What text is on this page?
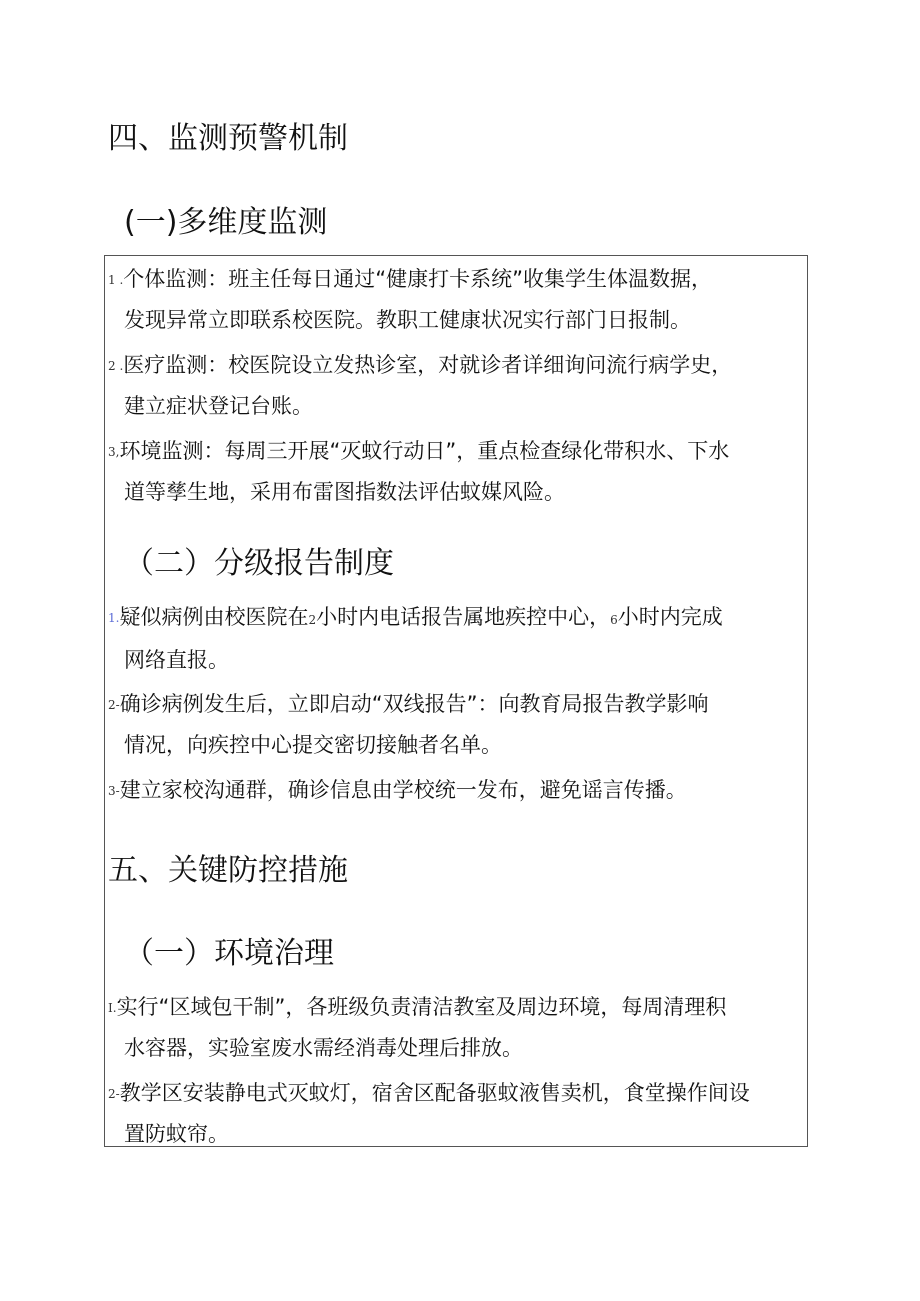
四、监测预警机制
(一)多维度监测
1 .个体监测：班主任每日通过“健康打卡系统”收集学生体温数据，
发现异常立即联系校医院。教职工健康状况实行部门日报制。
2 .医疗监测：校医院设立发热诊室，对就诊者详细询问流行病学史，
建立症状登记台账。
3,环境监测：每周三开展“灭蚊行动日”，重点检查绿化带积水、下水
道等孳生地，采用布雷图指数法评估蚊媒风险。
（二）分级报告制度
1.疑似病例由校医院在2小时内电话报告属地疾控中心，6小时内完成
网络直报。
2-确诊病例发生后，立即启动“双线报告”：向教育局报告教学影响
情况，向疾控中心提交密切接触者名单。
3-建立家校沟通群，确诊信息由学校统一发布，避免谣言传播。
五、关键防控措施
（一）环境治理
I.实行“区域包干制”，各班级负责清洁教室及周边环境，每周清理积
水容器，实验室废水需经消毒处理后排放。
2-教学区安装静电式灭蚊灯，宿舍区配备驱蚊液售卖机，食堂操作间设
置防蚊帘。
